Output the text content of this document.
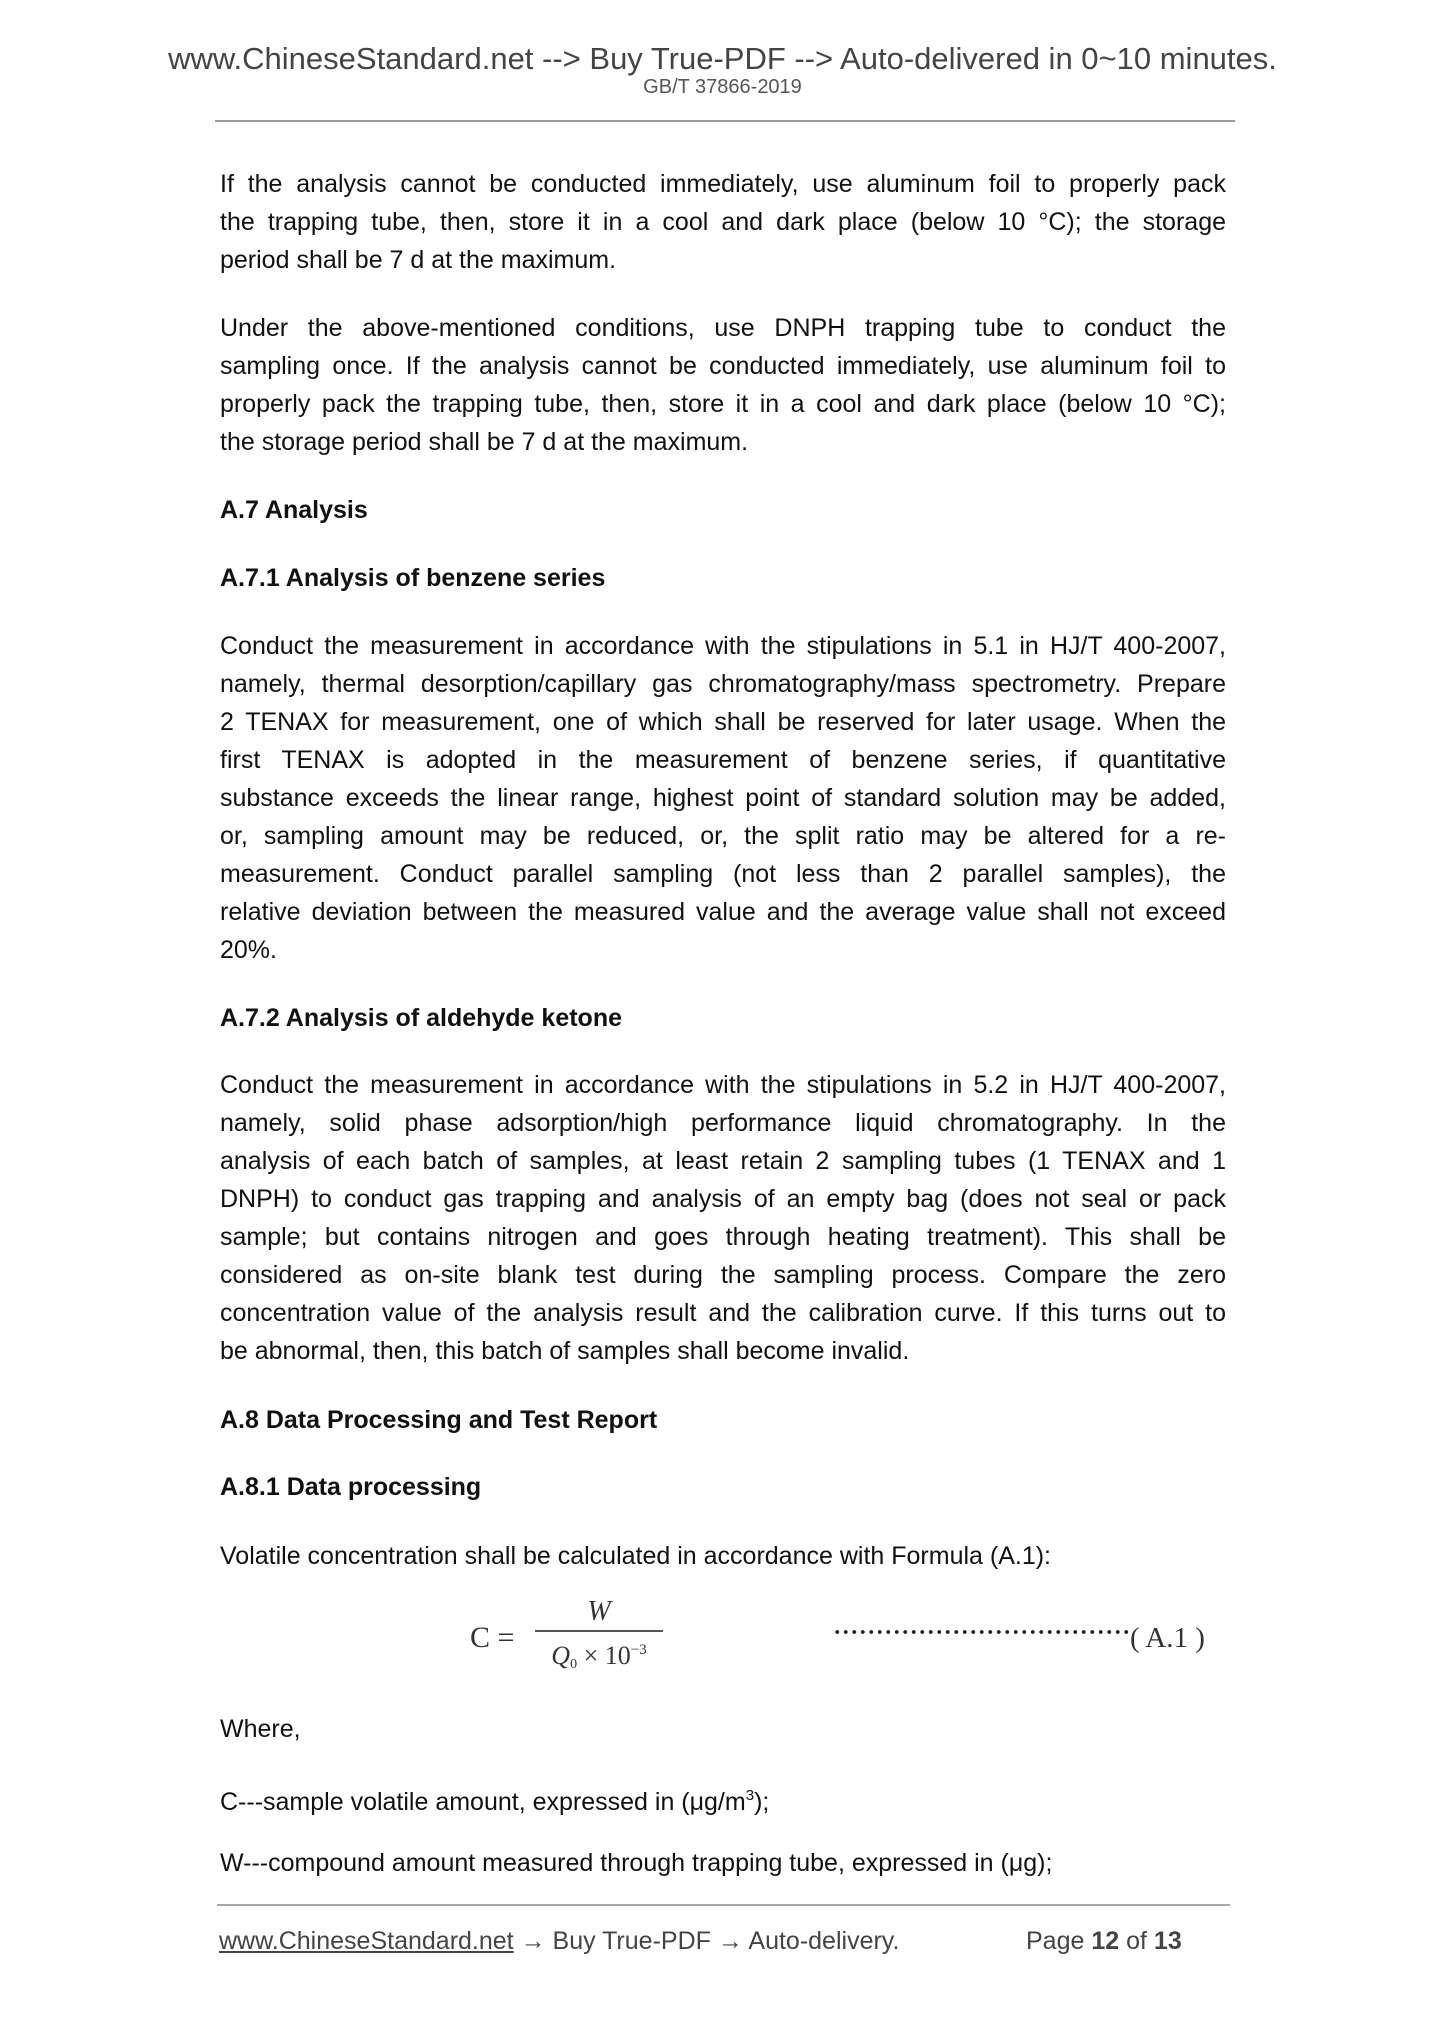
www.ChineseStandard.net --> Buy True-PDF --> Auto-delivered in 0~10 minutes.
GB/T 37866-2019
If the analysis cannot be conducted immediately, use aluminum foil to properly pack
the trapping tube, then, store it in a cool and dark place (below 10 °C); the storage
period shall be 7 d at the maximum.
Under the above-mentioned conditions, use DNPH trapping tube to conduct the
sampling once. If the analysis cannot be conducted immediately, use aluminum foil to
properly pack the trapping tube, then, store it in a cool and dark place (below 10 °C);
the storage period shall be 7 d at the maximum.
A.7 Analysis
A.7.1 Analysis of benzene series
Conduct the measurement in accordance with the stipulations in 5.1 in HJ/T 400-2007,
namely, thermal desorption/capillary gas chromatography/mass spectrometry. Prepare
2 TENAX for measurement, one of which shall be reserved for later usage. When the
first TENAX is adopted in the measurement of benzene series, if quantitative
substance exceeds the linear range, highest point of standard solution may be added,
or, sampling amount may be reduced, or, the split ratio may be altered for a re-
measurement. Conduct parallel sampling (not less than 2 parallel samples), the
relative deviation between the measured value and the average value shall not exceed
20%.
A.7.2 Analysis of aldehyde ketone
Conduct the measurement in accordance with the stipulations in 5.2 in HJ/T 400-2007,
namely, solid phase adsorption/high performance liquid chromatography. In the
analysis of each batch of samples, at least retain 2 sampling tubes (1 TENAX and 1
DNPH) to conduct gas trapping and analysis of an empty bag (does not seal or pack
sample; but contains nitrogen and goes through heating treatment). This shall be
considered as on-site blank test during the sampling process. Compare the zero
concentration value of the analysis result and the calibration curve. If this turns out to
be abnormal, then, this batch of samples shall become invalid.
A.8 Data Processing and Test Report
A.8.1 Data processing
Volatile concentration shall be calculated in accordance with Formula (A.1):
C =
W
$Q_0 \times 10^{-3}$	( A.1 )
Where,
C---sample volatile amount, expressed in $(\mu g/m^3)$;
W---compound amount measured through trapping tube, expressed in (μg);
www.ChineseStandard.net → Buy True-PDF → Auto-delivery.	Page 12 of 13
